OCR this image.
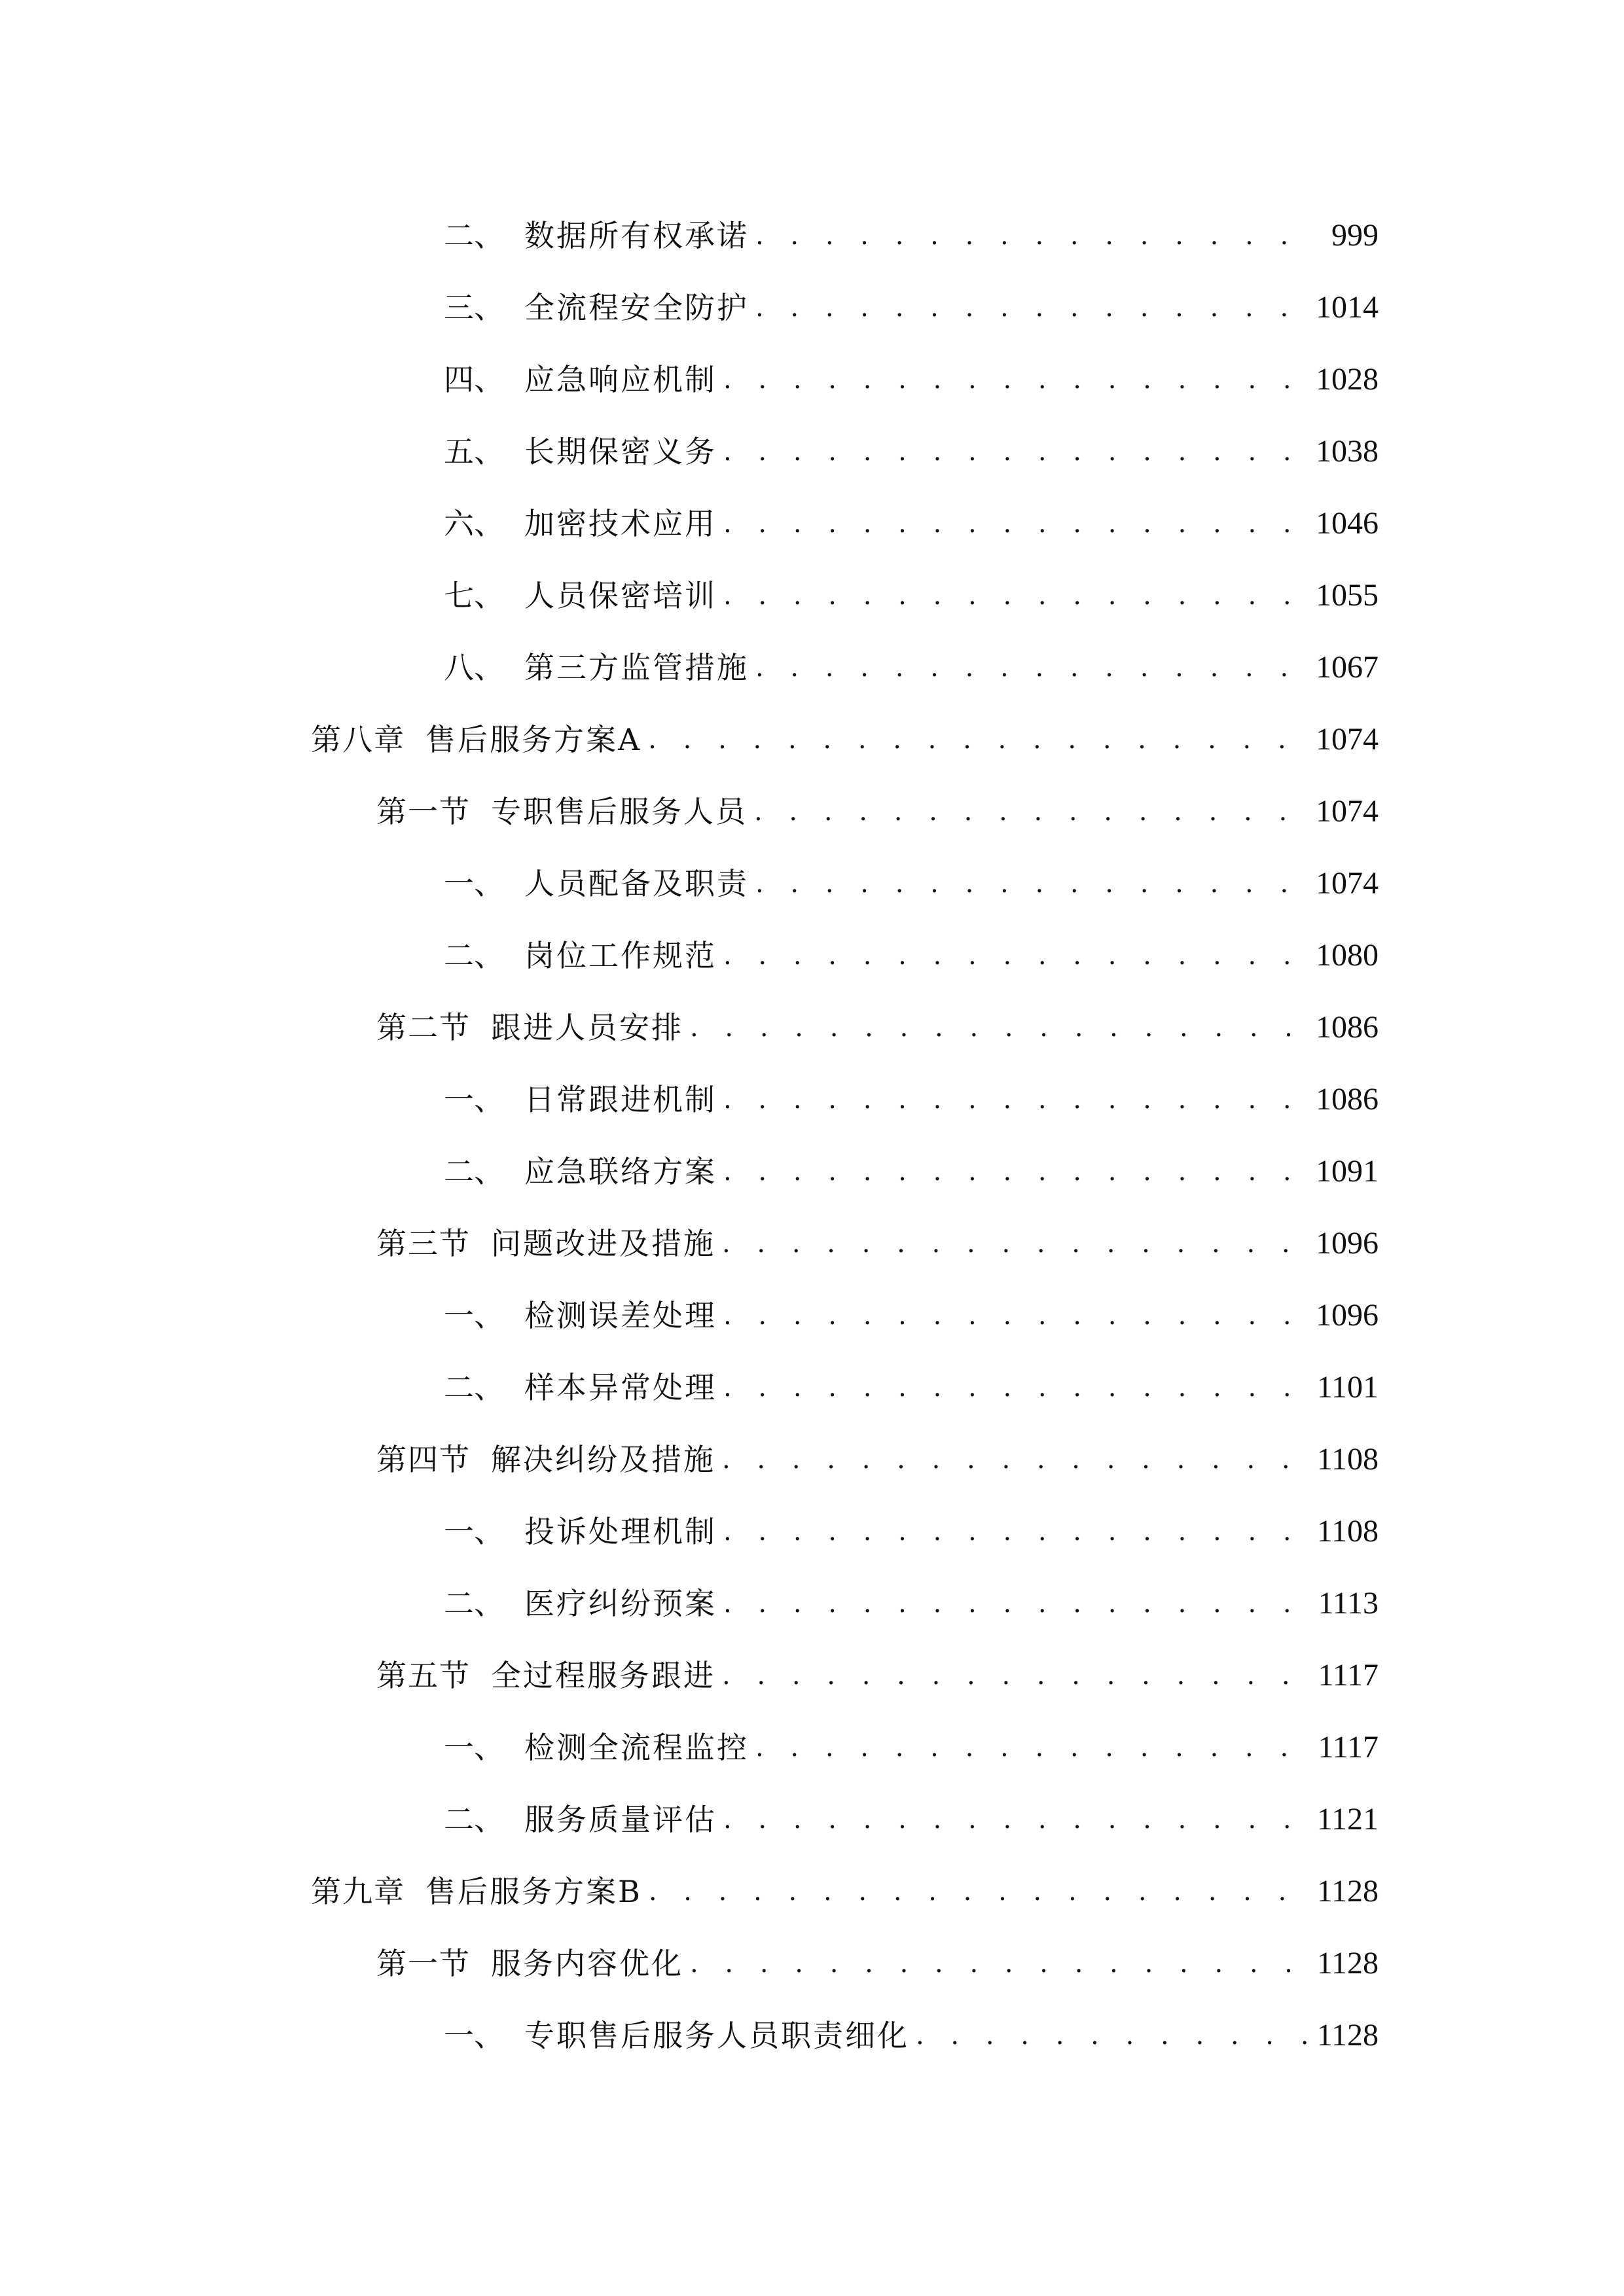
二、 数据所有权承诺 . . .	999
三、 全流程安全防护 . . .	1014
四、 应急响应机制 . . .	1028
五、 长期保密义务 . . .	1038
六、 加密技术应用 . . .	1046
七、 人员保密培训 . . .	1055
八、 第三方监管措施 . . .	1067
第八章 售后服务方案A . . .	1074
第一节 专职售后服务人员 . . .	1074
一、 人员配备及职责 . . .	1074
二、 岗位工作规范 . . .	1080
第二节 跟进人员安排 . . .	1086
一、 日常跟进机制 . . .	1086
二、 应急联络方案 . . .	1091
第三节 问题改进及措施 . . .	1096
一、 检测误差处理 . . .	1096
二、 样本异常处理 . . .	1101
第四节 解决纠纷及措施 . . .	1108
一、 投诉处理机制 . . .	1108
二、 医疗纠纷预案 . . .	1113
第五节 全过程服务跟进 . . .	1117
一、 检测全流程监控 . . .	1117
二、 服务质量评估 . . .	1121
第九章 售后服务方案B . . .	1128
第一节 服务内容优化 . . .	1128
一、 专职售后服务人员职责细化 . . .	1128
